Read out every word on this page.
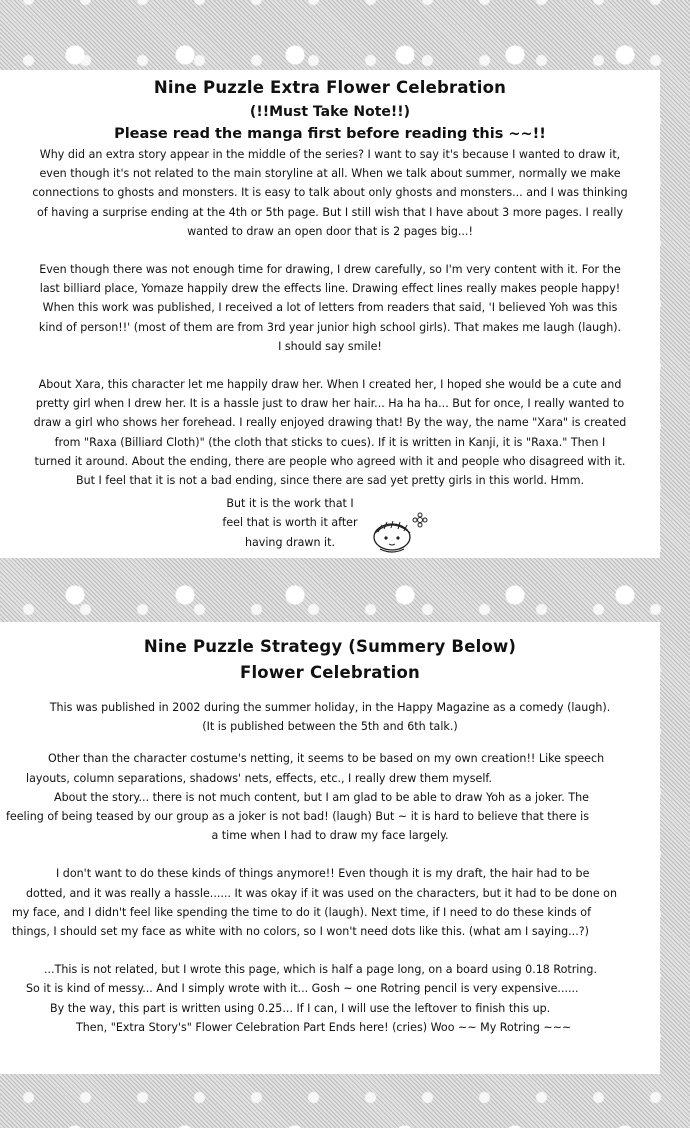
Nine Puzzle Extra Flower Celebration

(!!Must Take Note!!)

Please read the manga first before reading this ~~!!

Why did an extra story appear in the middle of the series? I want to say it's because I wanted to draw it,

even though it's not related to the main storyline at all. When we talk about summer, normally we make

connections to ghosts and monsters. It is easy to talk about only ghosts and monsters... and I was thinking

of having a surprise ending at the 4th or 5th page. But I still wish that I have about 3 more pages. I really

wanted to draw an open door that is 2 pages big...!

Even though there was not enough time for drawing, I drew carefully, so I'm very content with it. For the

last billiard place, Yomaze happily drew the effects line. Drawing effect lines really makes people happy!

When this work was published, I received a lot of letters from readers that said, 'I believed Yoh was this

kind of person!!' (most of them are from 3rd year junior high school girls). That makes me laugh (laugh).

I should say smile!

About Xara, this character let me happily draw her. When I created her, I hoped she would be a cute and

pretty girl when I drew her. It is a hassle just to draw her hair... Ha ha ha... But for once, I really wanted to

draw a girl who shows her forehead. I really enjoyed drawing that! By the way, the name "Xara" is created

from "Raxa (Billiard Cloth)" (the cloth that sticks to cues). If it is written in Kanji, it is "Raxa." Then I

turned it around. About the ending, there are people who agreed with it and people who disagreed with it.

But I feel that it is not a bad ending, since there are sad yet pretty girls in this world. Hmm.

But it is the work that I

feel that is worth it after

having drawn it.

Nine Puzzle Strategy (Summery Below)

Flower Celebration

This was published in 2002 during the summer holiday, in the Happy Magazine as a comedy (laugh).

(It is published between the 5th and 6th talk.)

Other than the character costume's netting, it seems to be based on my own creation!! Like speech

layouts, column separations, shadows' nets, effects, etc., I really drew them myself.

About the story... there is not much content, but I am glad to be able to draw Yoh as a joker. The

feeling of being teased by our group as a joker is not bad! (laugh) But ~ it is hard to believe that there is

a time when I had to draw my face largely.

I don't want to do these kinds of things anymore!! Even though it is my draft, the hair had to be

dotted, and it was really a hassle...... It was okay if it was used on the characters, but it had to be done on

my face, and I didn't feel like spending the time to do it (laugh). Next time, if I need to do these kinds of

things, I should set my face as white with no colors, so I won't need dots like this. (what am I saying...?)

...This is not related, but I wrote this page, which is half a page long, on a board using 0.18 Rotring.

So it is kind of messy... And I simply wrote with it... Gosh ~ one Rotring pencil is very expensive......

By the way, this part is written using 0.25... If I can, I will use the leftover to finish this up.

Then, "Extra Story's" Flower Celebration Part Ends here! (cries) Woo ~~ My Rotring ~~~
